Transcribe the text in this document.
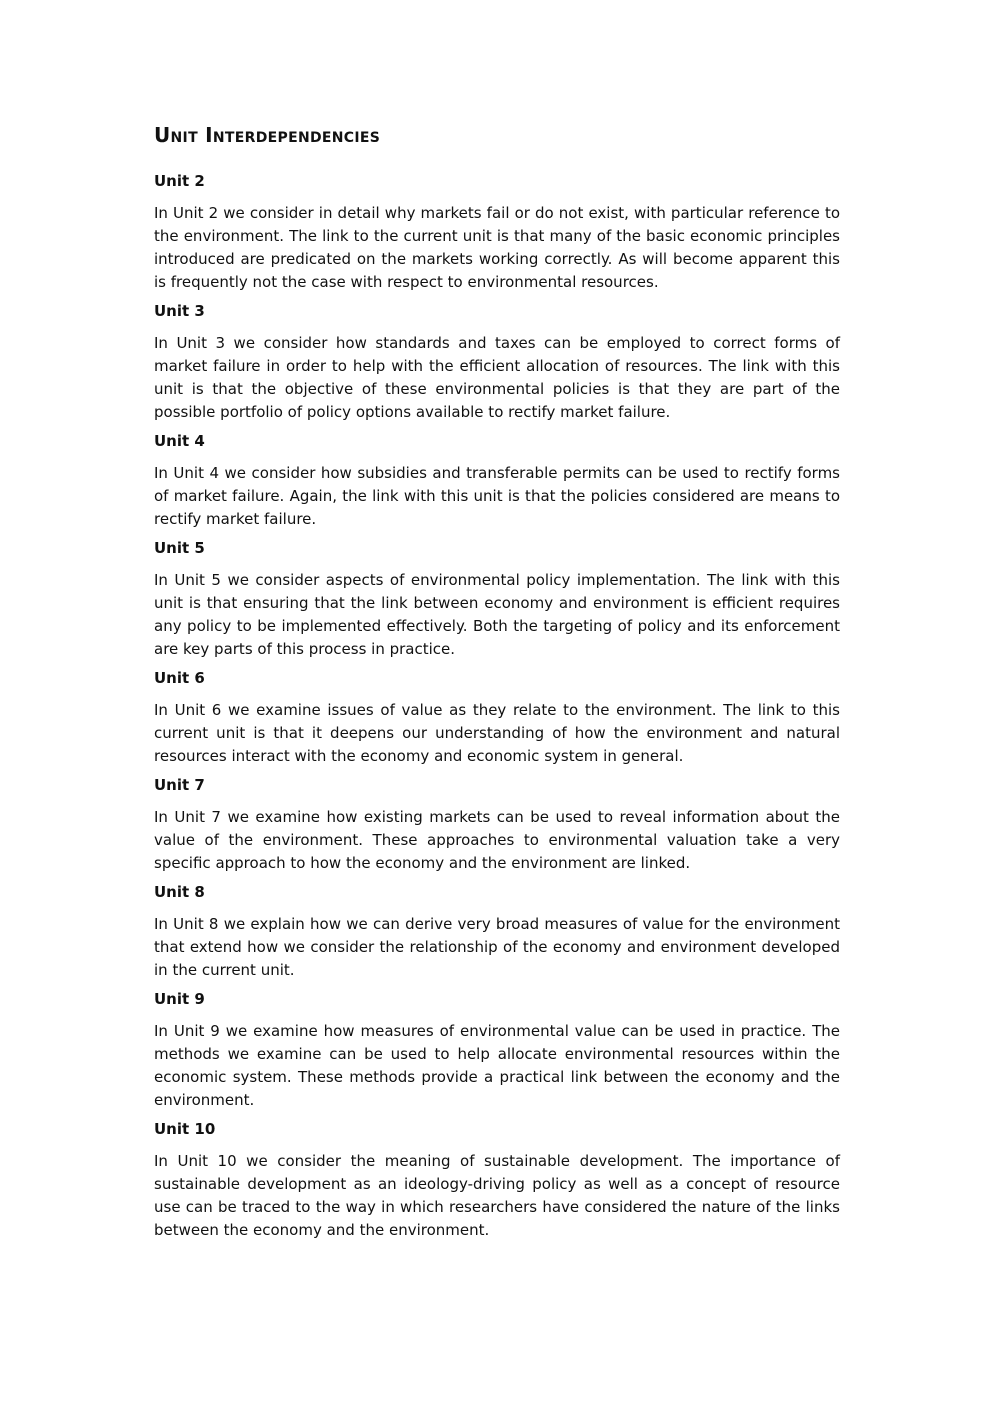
Unit Interdependencies
Unit 2

In Unit 2 we consider in detail why markets fail or do not exist, with particular reference to the environment. The link to the current unit is that many of the basic economic principles introduced are predicated on the markets working correctly. As will become apparent this is frequently not the case with respect to environmental resources.

Unit 3

In Unit 3 we consider how standards and taxes can be employed to correct forms of market failure in order to help with the efficient allocation of resources. The link with this unit is that the objective of these environmental policies is that they are part of the possible portfolio of policy options available to rectify market failure.

Unit 4

In Unit 4 we consider how subsidies and transferable permits can be used to rectify forms of market failure. Again, the link with this unit is that the policies considered are means to rectify market failure.

Unit 5

In Unit 5 we consider aspects of environmental policy implementation. The link with this unit is that ensuring that the link between economy and environment is efficient requires any policy to be implemented effectively. Both the targeting of policy and its enforcement are key parts of this process in practice.

Unit 6

In Unit 6 we examine issues of value as they relate to the environment. The link to this current unit is that it deepens our understanding of how the environment and natural resources interact with the economy and economic system in general.

Unit 7

In Unit 7 we examine how existing markets can be used to reveal information about the value of the environment. These approaches to environmental valuation take a very specific approach to how the economy and the environment are linked.

Unit 8

In Unit 8 we explain how we can derive very broad measures of value for the environment that extend how we consider the relationship of the economy and environment developed in the current unit.

Unit 9

In Unit 9 we examine how measures of environmental value can be used in practice. The methods we examine can be used to help allocate environmental resources within the economic system. These methods provide a practical link between the economy and the environment.

Unit 10

In Unit 10 we consider the meaning of sustainable development. The importance of sustainable development as an ideology-driving policy as well as a concept of resource use can be traced to the way in which researchers have considered the nature of the links between the economy and the environment.
